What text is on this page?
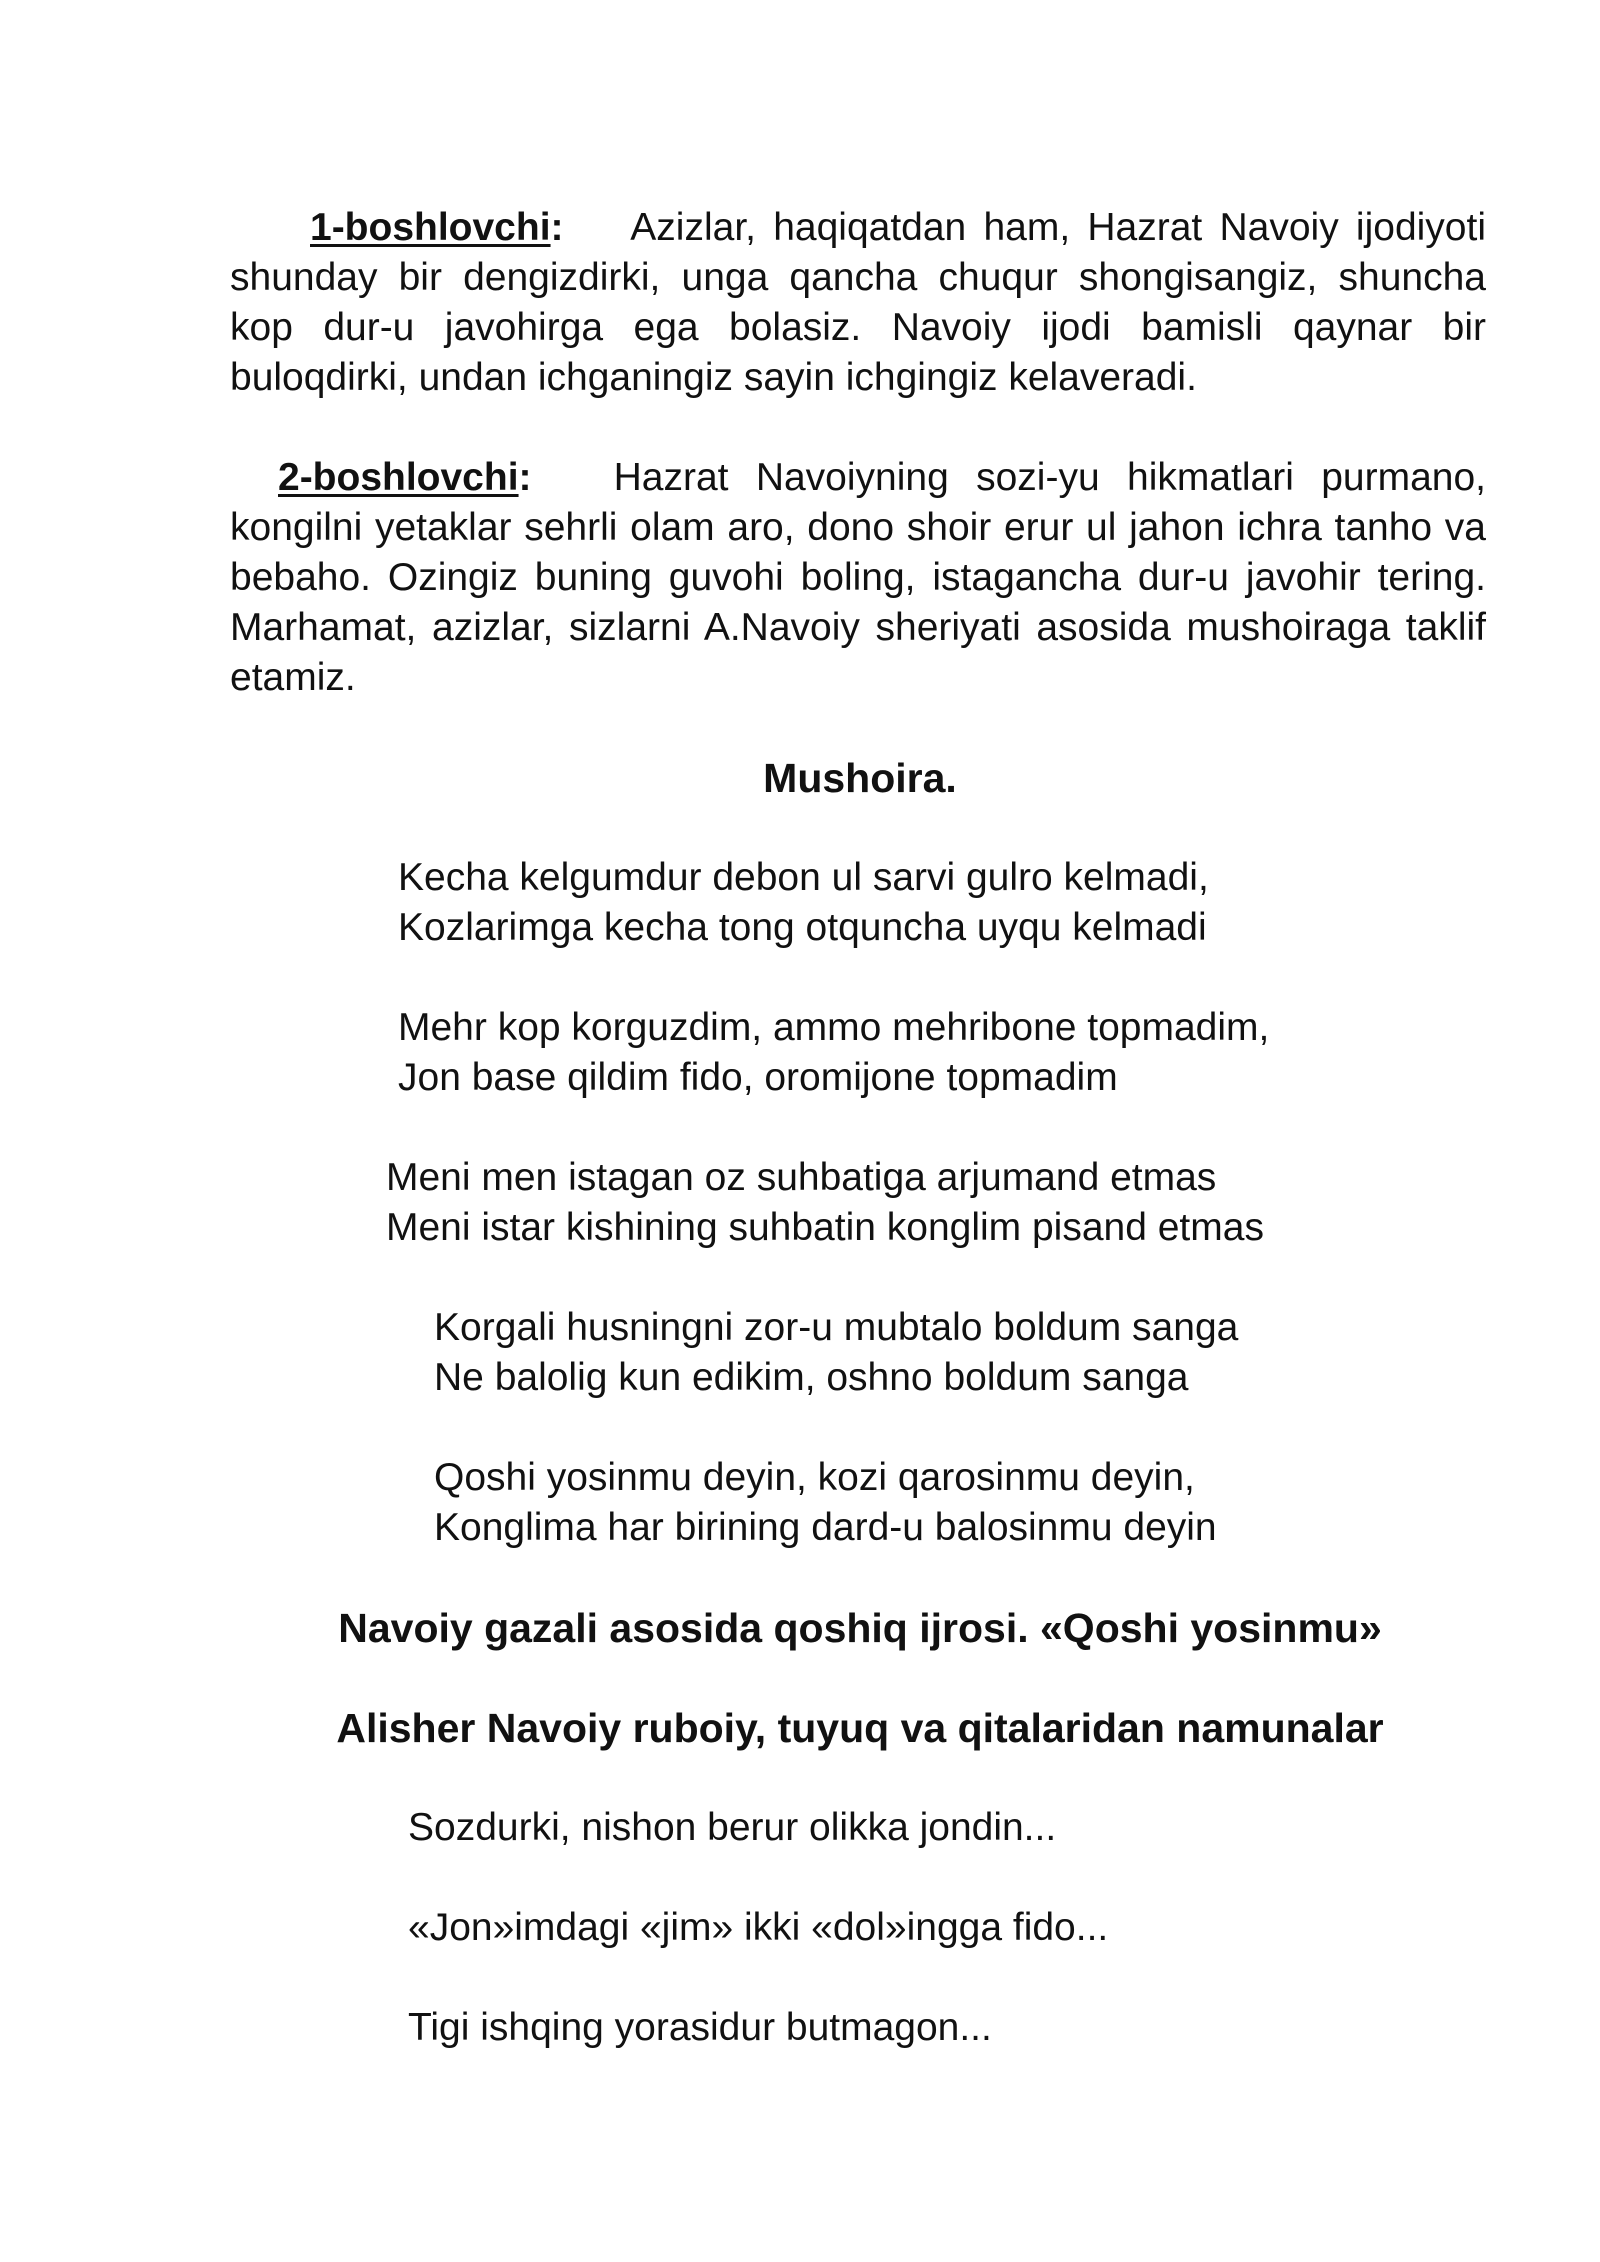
1-boshlovchi: Azizlar, haqiqatdan ham, Hazrat Navoiy ijodiyoti shunday bir dengizdirki, unga qancha chuqur shongisangiz, shuncha kop dur-u javohirga ega bolasiz. Navoiy ijodi bamisli qaynar bir buloqdirki, undan ichganingiz sayin ichgingiz kelaveradi.

2-boshlovchi: Hazrat Navoiyning sozi-yu hikmatlari purmano, kongilni yetaklar sehrli olam aro, dono shoir erur ul jahon ichra tanho va bebaho. Ozingiz buning guvohi boling, istagancha dur-u javohir tering. Marhamat, azizlar, sizlarni A.Navoiy sheriyati asosida mushoiraga taklif etamiz.

Mushoira.
Kecha kelgumdur debon ul sarvi gulro kelmadi,
Kozlarimga kecha tong otquncha uyqu kelmadi
Mehr kop korguzdim, ammo mehribone topmadim,
Jon base qildim fido, oromijone topmadim
Meni men istagan oz suhbatiga arjumand etmas
Meni istar kishining suhbatin konglim pisand etmas
Korgali husningni zor-u mubtalo boldum sanga
Ne balolig kun edikim, oshno boldum sanga
Qoshi yosinmu deyin, kozi qarosinmu deyin,
Konglima har birining dard-u balosinmu deyin
Navoiy gazali asosida qoshiq ijrosi. «Qoshi yosinmu»
Alisher Navoiy ruboiy, tuyuq va qitalaridan namunalar

Sozdurki, nishon berur olikka jondin...

«Jon»imdagi «jim» ikki «dol»ingga fido...

Tigi ishqing yorasidur butmagon...
